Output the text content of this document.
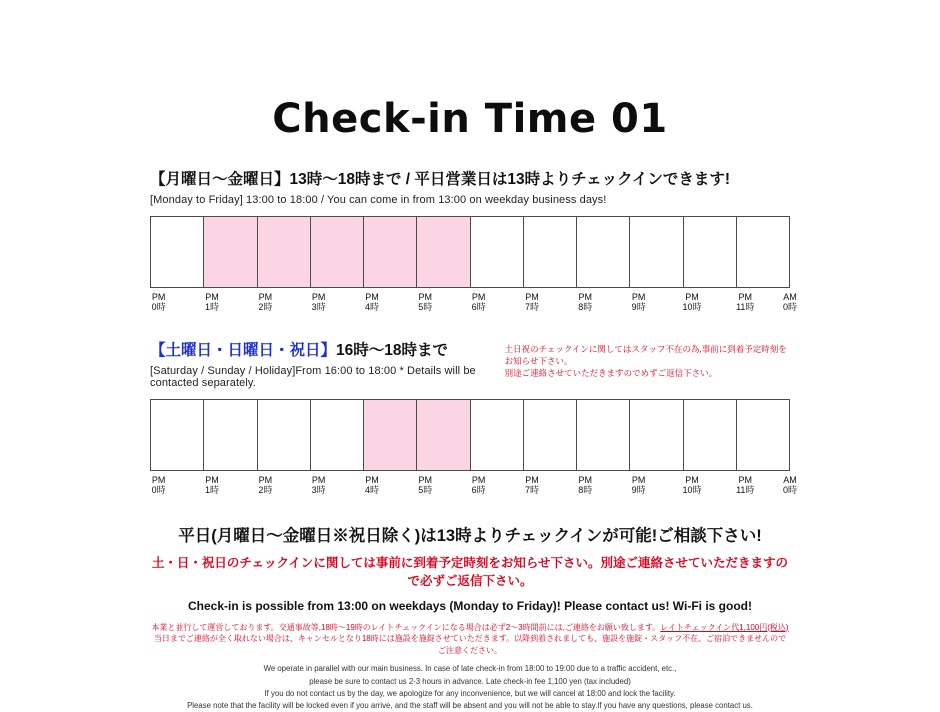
Check-in Time 01
【月曜日〜金曜日】13時〜18時まで / 平日営業日は13時よりチェックインできます!
[Monday to Friday] 13:00 to 18:00 / You can come in from 13:00 on weekday business days!
PM
0時
PM
1時
PM
2時
PM
3時
PM
4時
PM
5時
PM
6時
PM
7時
PM
8時
PM
9時
PM
10時
PM
11時
AM
0時
【土曜日・日曜日・祝日】16時〜18時まで
[Saturday / Sunday / Holiday]From 16:00 to 18:00 * Details will be contacted separately.
土日祝のチェックインに関してはスタッフ不在の為,事前に到着予定時刻をお知らせ下さい。
別途ご連絡させていただきますのでめずご返信下さい。
PM
0時
PM
1時
PM
2時
PM
3時
PM
4時
PM
5時
PM
6時
PM
7時
PM
8時
PM
9時
PM
10時
PM
11時
AM
0時
平日(月曜日〜金曜日※祝日除く)は13時よりチェックインが可能!ご相談下さい!
土・日・祝日のチェックインに関しては事前に到着予定時刻をお知らせ下さい。別途ご連絡させていただきますので必ずご返信下さい。
Check-in is possible from 13:00 on weekdays (Monday to Friday)! Please contact us! Wi-Fi is good!
本業と並行して運営しております。交通事故等,18時〜19時のレイトチェックインになる場合は必ず2〜3時間前には,ご連絡をお願い致します。レイトチェックイン代1,100円(税込)
当日までご連絡が全く取れない場合は、キャンセルとなり18時には施設を施錠させていただきます。以降到着されましても、施設を施錠・スタッフ不在、ご宿泊できませんのでご注意ください。
We operate in parallel with our main business. In case of late check-in from 18:00 to 19:00 due to a traffic accident, etc.,
please be sure to contact us 2-3 hours in advance. Late check-in fee 1,100 yen (tax included)
If you do not contact us by the day, we apologize for any inconvenience, but we will cancel at 18:00 and lock the facility.
Please note that the facility will be locked even if you arrive, and the staff will be absent and you will not be able to stay.If you have any questions, please contact us.
